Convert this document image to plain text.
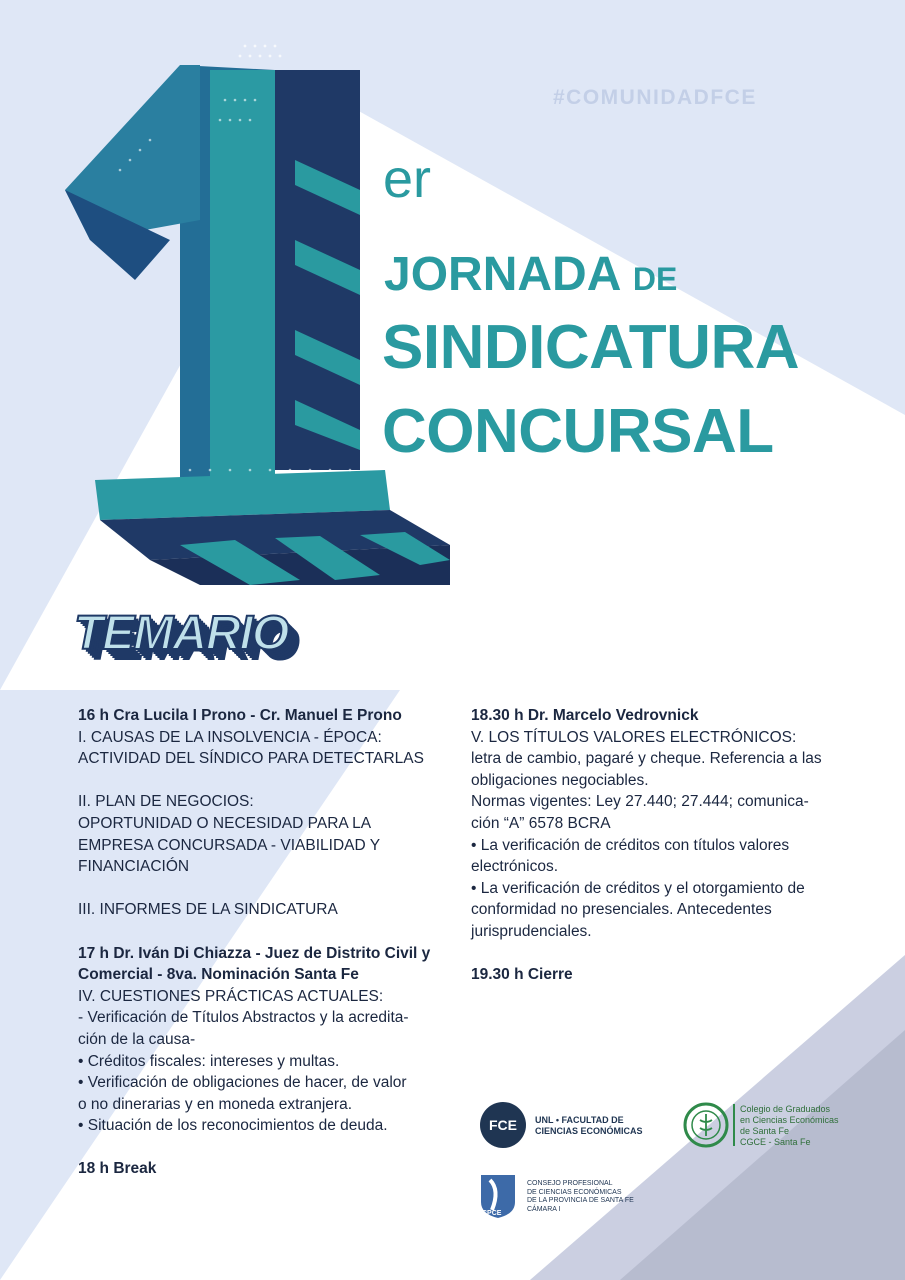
#COMUNIDADFCE
er
JORNADA DE
SINDICATURA
CONCURSAL
TEMARIO

16 h Cra Lucila I Prono - Cr. Manuel E Prono

I. CAUSAS DE LA INSOLVENCIA - ÉPOCA:

ACTIVIDAD DEL SÍNDICO PARA DETECTARLAS

II. PLAN DE NEGOCIOS:

OPORTUNIDAD O NECESIDAD PARA LA

EMPRESA CONCURSADA - VIABILIDAD Y

FINANCIACIÓN

III. INFORMES DE LA SINDICATURA

17 h Dr. Iván Di Chiazza - Juez de Distrito Civil y

Comercial - 8va. Nominación Santa Fe

IV. CUESTIONES PRÁCTICAS ACTUALES:

- Verificación de Títulos Abstractos y la acredita-

ción de la causa-

• Créditos fiscales: intereses y multas.

• Verificación de obligaciones de hacer, de valor

o no dinerarias y en moneda extranjera.

• Situación de los reconocimientos de deuda.

18 h Break

18.30 h Dr. Marcelo Vedrovnick

V. LOS TÍTULOS VALORES ELECTRÓNICOS:

letra de cambio, pagaré y cheque. Referencia a las

obligaciones negociables.

Normas vigentes: Ley 27.440; 27.444; comunica-

ción “A” 6578 BCRA

• La verificación de créditos con títulos valores

electrónicos.

• La verificación de créditos y el otorgamiento de

conformidad no presenciales. Antecedentes

jurisprudenciales.

19.30 h Cierre

FCE	UNL • FACULTAD DE
CIENCIAS ECONÓMICAS
Colegio de Graduados
en Ciencias Económicas
de Santa Fe
CGCE - Santa Fe
CPCE
CONSEJO PROFESIONAL
DE CIENCIAS ECONÓMICAS
DE LA PROVINCIA DE SANTA FE
CÁMARA I
